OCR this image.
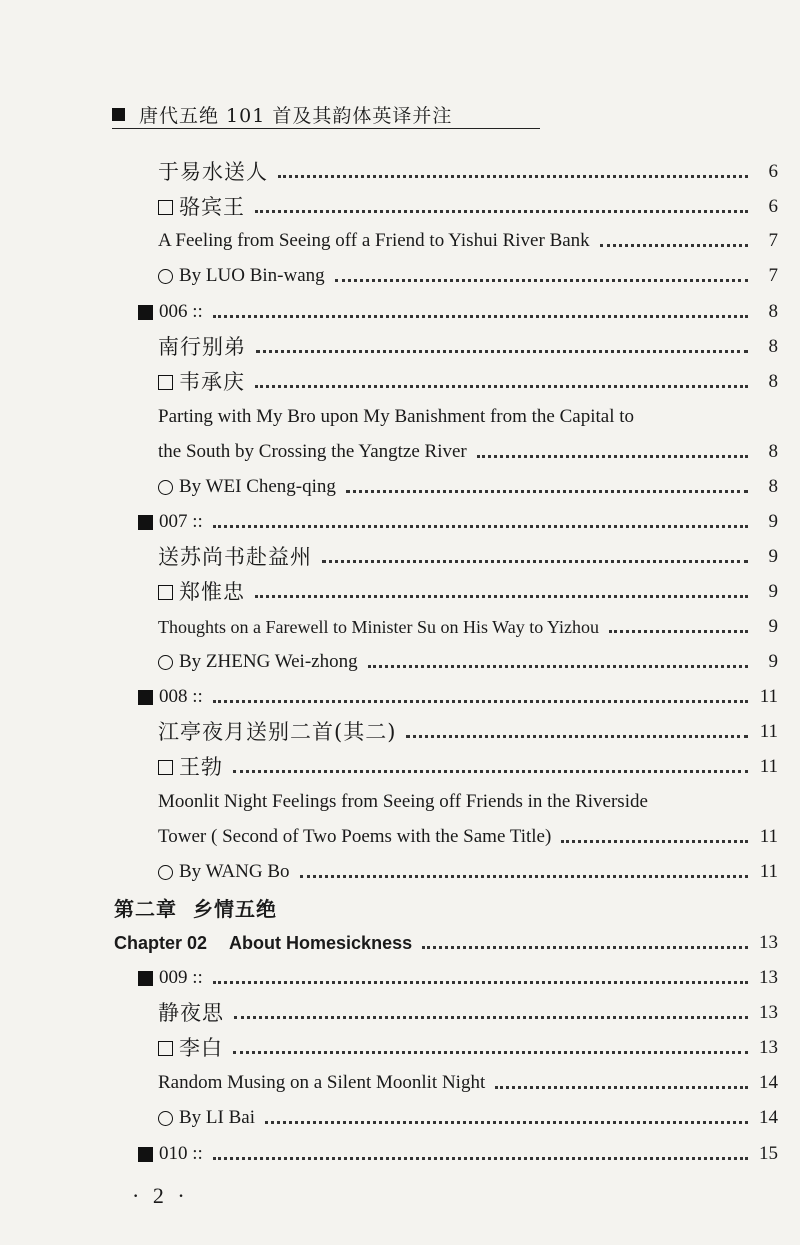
唐代五绝 101 首及其韵体英译并注
于易水送人	6
骆宾王	6
A Feeling from Seeing off a Friend to Yishui River Bank	7
By LUO Bin-wang	7
006 ::	8
南行别弟	8
韦承庆	8
Parting with My Bro upon My Banishment from the Capital to
the South by Crossing the Yangtze River	8
By WEI Cheng-qing	8
007 ::	9
送苏尚书赴益州	9
郑惟忠	9
Thoughts on a Farewell to Minister Su on His Way to Yizhou	9
By ZHENG Wei-zhong	9
008 ::	11
江亭夜月送别二首(其二)	11
王勃	11
Moonlit Night Feelings from Seeing off Friends in the Riverside
Tower ( Second of Two Poems with the Same Title)	11
By WANG Bo	11
第二章 乡情五绝
Chapter 02 About Homesickness	13
009 ::	13
静夜思	13
李白	13
Random Musing on a Silent Moonlit Night	14
By LI Bai	14
010 ::	15
· 2 ·
